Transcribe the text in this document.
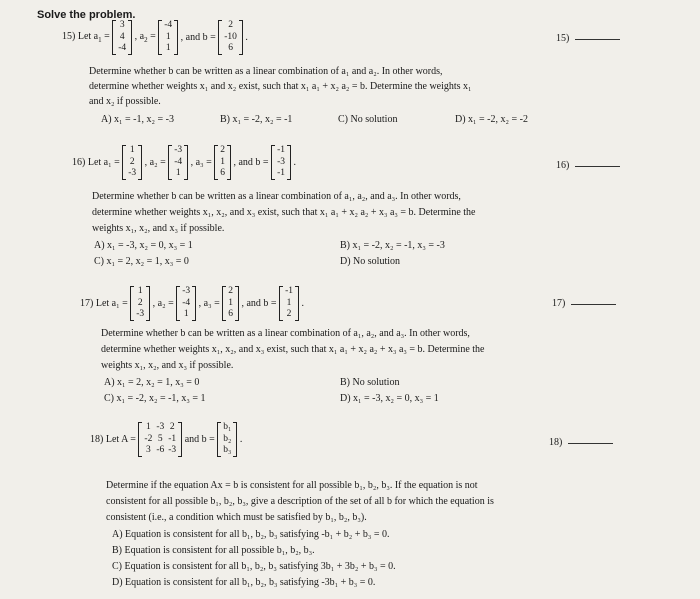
Solve the problem.
15) Let $a_1$ =
3
4
-4
, $a_2$ =
-4
1
1
, and b =
2
-10
6
.	15)
Determine whether b can be written as a linear combination of a₁ and a₂. In other words,
determine whether weights x₁ and x₂ exist, such that x₁ a₁ + x₂ a₂ = b. Determine the weights x₁
and x₂ if possible.
A) x₁ = -1, x₂ = -3	B) x₁ = -2, x₂ = -1	C) No solution	D) x₁ = -2, x₂ = -2
16) Let a₁ =
1
2
-3
, a₂ =
-3
-4
1
, a₃ =
2
1
6
, and b =
-1
-3
-1
.	16)
Determine whether b can be written as a linear combination of a₁, a₂, and a₃. In other words,
determine whether weights x₁, x₂, and x₃ exist, such that x₁ a₁ + x₂ a₂ + x₃ a₃ = b. Determine the
weights x₁, x₂, and x₃ if possible.
A) x₁ = -3, x₂ = 0, x₃ = 1	B) x₁ = -2, x₂ = -1, x₃ = -3
C) x₁ = 2, x₂ = 1, x₃ = 0	D) No solution
17) Let a₁ =
1
2
-3
, a₂ =
-3
-4
1
, a₃ =
2
1
6
, and b =
-1
1
2
.	17)
Determine whether b can be written as a linear combination of a₁, a₂, and a₃. In other words,
determine whether weights x₁, x₂, and x₃ exist, such that x₁ a₁ + x₂ a₂ + x₃ a₃ = b. Determine the
weights x₁, x₂, and x₃ if possible.
A) x₁ = 2, x₂ = 1, x₃ = 0	B) No solution
C) x₁ = -2, x₂ = -1, x₃ = 1	D) x₁ = -3, x₂ = 0, x₃ = 1
18) Let A =
1	-3	2
-2	5	-1
3	-6	-3
and b =
b₁
b₂
b₃
.	18)
Determine if the equation Ax = b is consistent for all possible b₁, b₂, b₃. If the equation is not
consistent for all possible b₁, b₂, b₃, give a description of the set of all b for which the equation is
consistent (i.e., a condition which must be satisfied by b₁, b₂, b₃).
A) Equation is consistent for all b₁, b₂, b₃ satisfying -b₁ + b₂ + b₃ = 0.
B) Equation is consistent for all possible b₁, b₂, b₃.
C) Equation is consistent for all b₁, b₂, b₃ satisfying 3b₁ + 3b₂ + b₃ = 0.
D) Equation is consistent for all b₁, b₂, b₃ satisfying -3b₁ + b₃ = 0.
